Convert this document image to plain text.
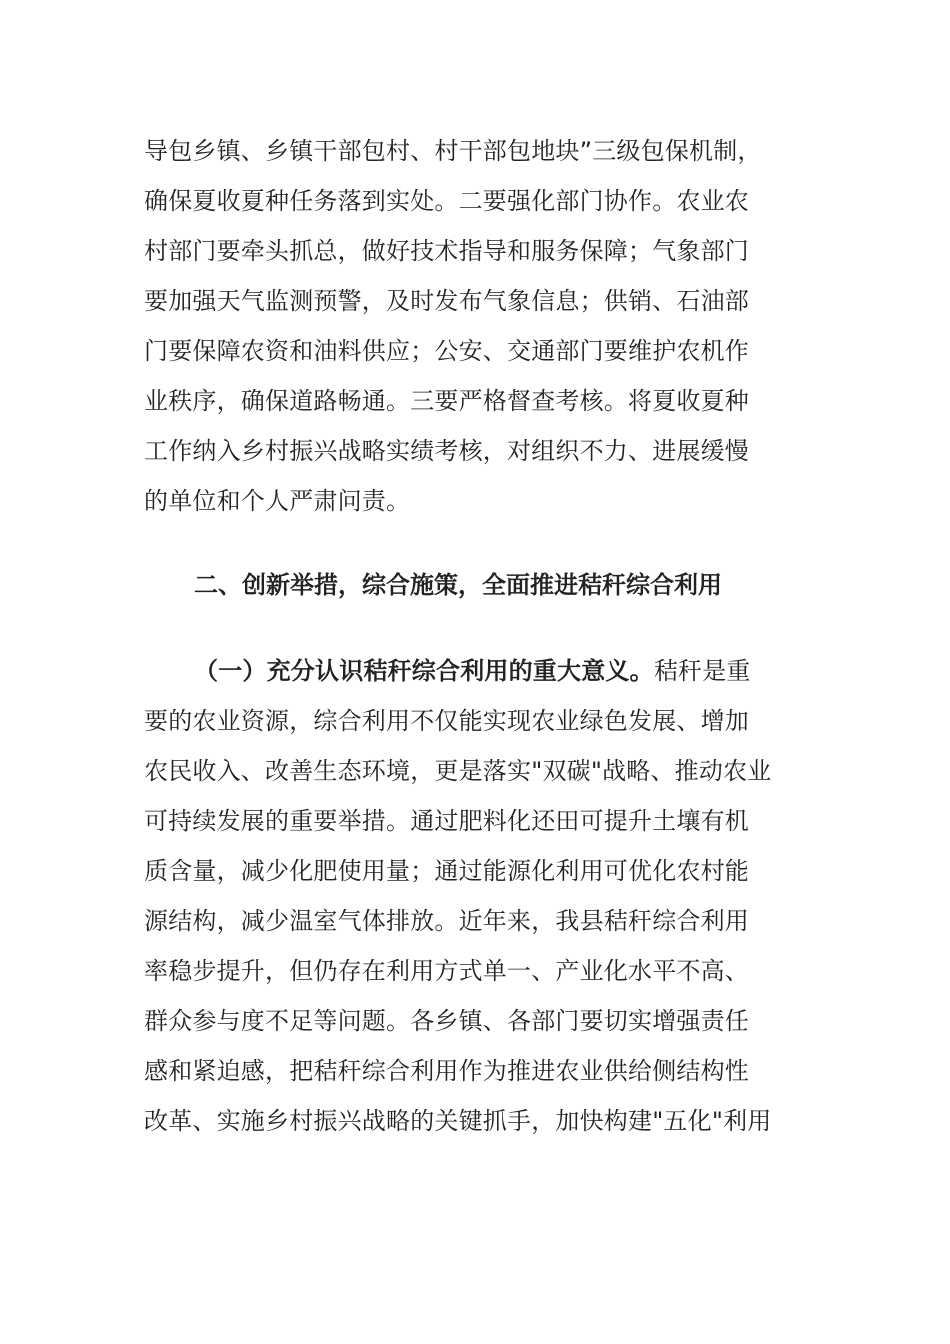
导包乡镇、乡镇干部包村、村干部包地块”三级包保机制，
确保夏收夏种任务落到实处。二要强化部门协作。农业农
村部门要牵头抓总，做好技术指导和服务保障；气象部门
要加强天气监测预警，及时发布气象信息；供销、石油部
门要保障农资和油料供应；公安、交通部门要维护农机作
业秩序，确保道路畅通。三要严格督查考核。将夏收夏种
工作纳入乡村振兴战略实绩考核，对组织不力、进展缓慢
的单位和个人严肃问责。
二、创新举措，综合施策，全面推进秸秆综合利用
（一）充分认识秸秆综合利用的重大意义。秸秆是重
要的农业资源，综合利用不仅能实现农业绿色发展、增加
农民收入、改善生态环境，更是落实"双碳"战略、推动农业
可持续发展的重要举措。通过肥料化还田可提升土壤有机
质含量，减少化肥使用量；通过能源化利用可优化农村能
源结构，减少温室气体排放。近年来，我县秸秆综合利用
率稳步提升，但仍存在利用方式单一、产业化水平不高、
群众参与度不足等问题。各乡镇、各部门要切实增强责任
感和紧迫感，把秸秆综合利用作为推进农业供给侧结构性
改革、实施乡村振兴战略的关键抓手，加快构建"五化"利用
